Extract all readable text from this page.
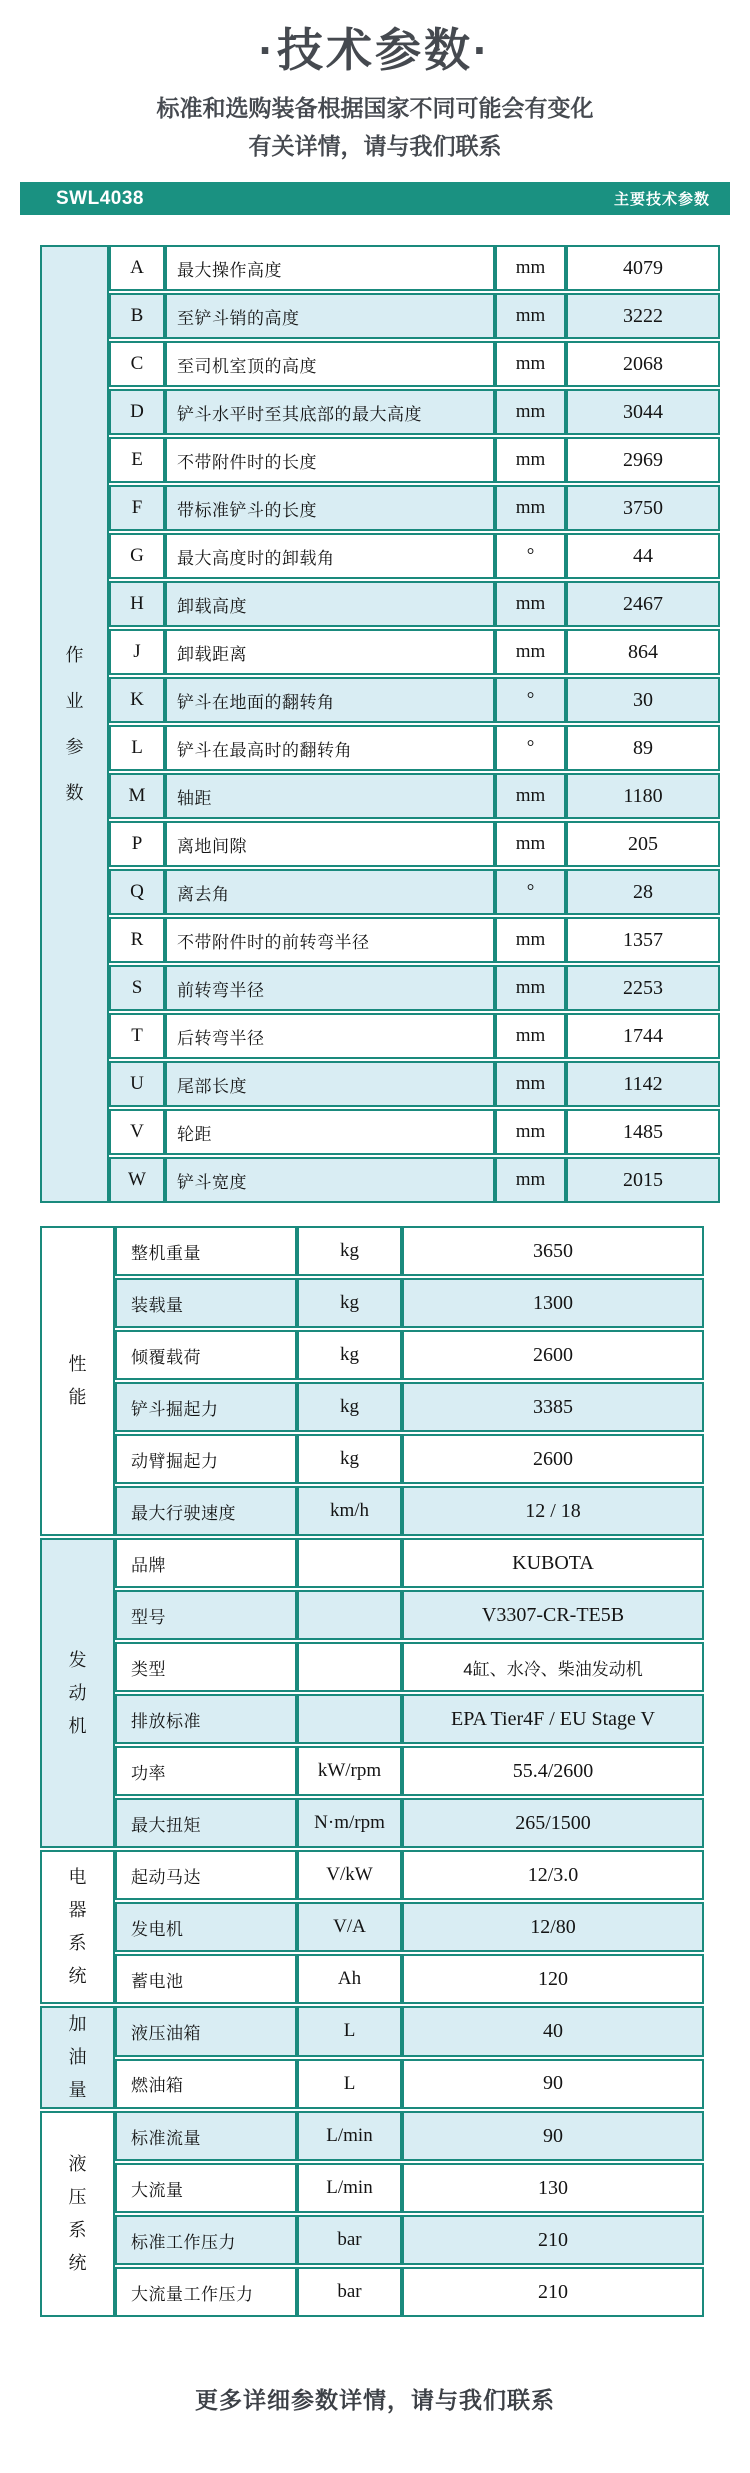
·技术参数·
标准和选购装备根据国家不同可能会有变化
有关详情，请与我们联系
SWL4038	主要技术参数
作
业
参
数	A	最大操作高度	mm	4079
	B	至铲斗销的高度	mm	3222
	C	至司机室顶的高度	mm	2068
	D	铲斗水平时至其底部的最大高度	mm	3044
	E	不带附件时的长度	mm	2969
	F	带标准铲斗的长度	mm	3750
	G	最大高度时的卸载角	°	44
	H	卸载高度	mm	2467
	J	卸载距离	mm	864
	K	铲斗在地面的翻转角	°	30
	L	铲斗在最高时的翻转角	°	89
	M	轴距	mm	1180
	P	离地间隙	mm	205
	Q	离去角	°	28
	R	不带附件时的前转弯半径	mm	1357
	S	前转弯半径	mm	2253
	T	后转弯半径	mm	1744
	U	尾部长度	mm	1142
	V	轮距	mm	1485
	W	铲斗宽度	mm	2015
性
能	整机重量	kg	3650
	装载量	kg	1300
	倾覆载荷	kg	2600
	铲斗掘起力	kg	3385
	动臂掘起力	kg	2600
	最大行驶速度	km/h	12 / 18

发
动
机	品牌		KUBOTA
	型号		V3307-CR-TE5B
	类型		4缸、水冷、柴油发动机
	排放标准		EPA Tier4F / EU Stage V
	功率	kW/rpm	55.4/2600
	最大扭矩	N·m/rpm	265/1500

电
器
系
统	起动马达	V/kW	12/3.0
	发电机	V/A	12/80
	蓄电池	Ah	120

加
油
量	液压油箱	L	40
	燃油箱	L	90

液
压
系
统	标准流量	L/min	90
	大流量	L/min	130
	标准工作压力	bar	210
	大流量工作压力	bar	210
更多详细参数详情，请与我们联系
